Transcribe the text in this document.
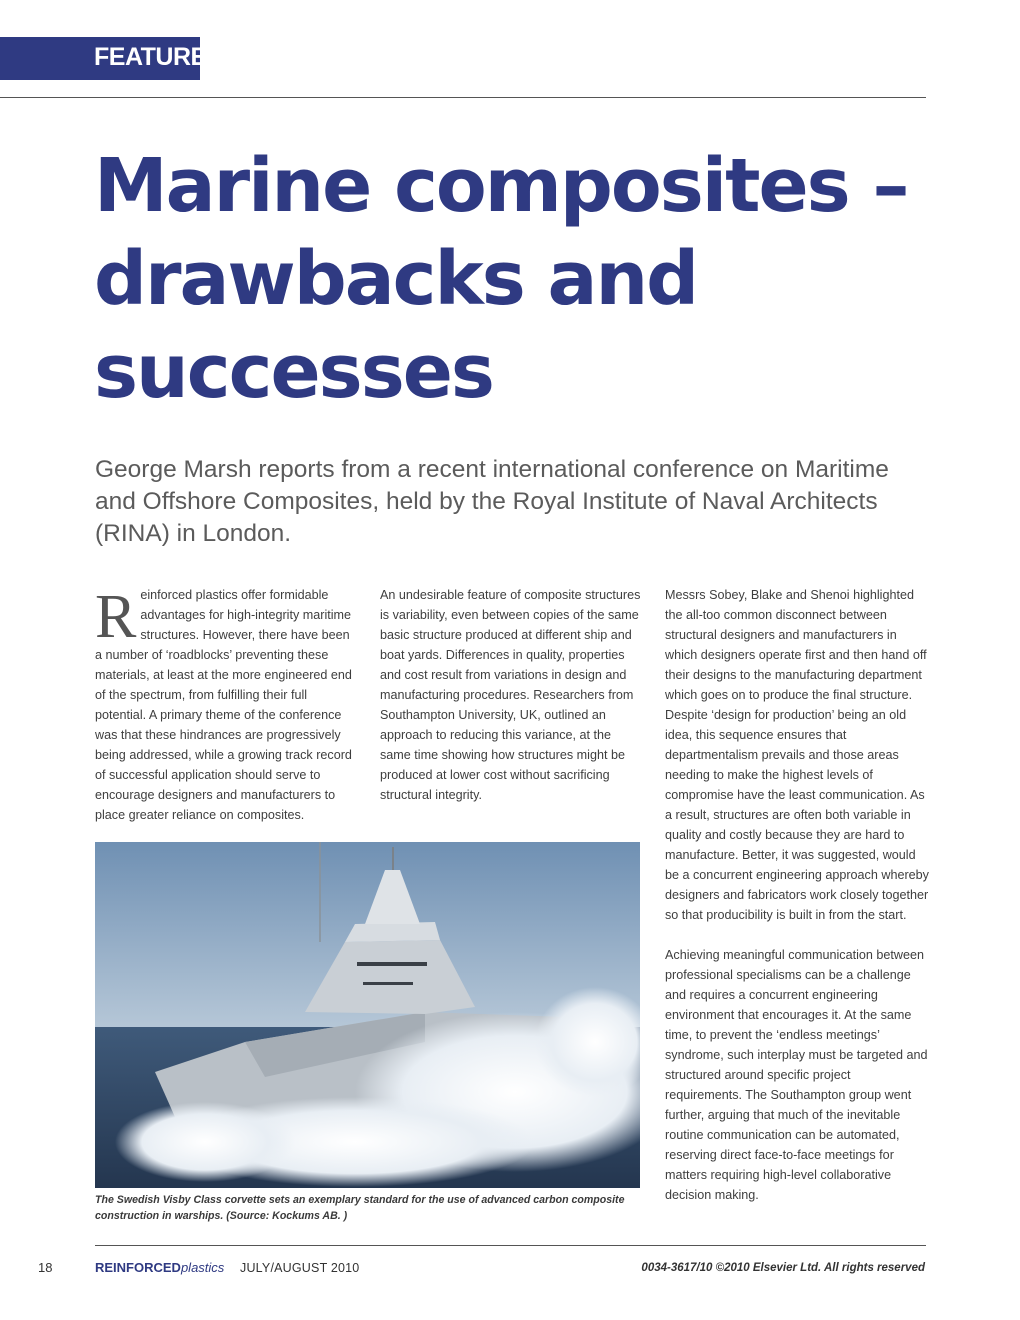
FEATURE
Marine composites –
drawbacks and
successes
George Marsh reports from a recent international conference on Maritime and Offshore Composites, held by the Royal Institute of Naval Architects (RINA) in London.
R einforced plastics offer formidable advantages for high-integrity maritime structures. However, there have been a number of ‘roadblocks’ preventing these materials, at least at the more engineered end of the spectrum, from fulfilling their full potential. A primary theme of the conference was that these hindrances are progressively being addressed, while a growing track record of successful application should serve to encourage designers and manufacturers to place greater reliance on composites.

An undesirable feature of composite structures is variability, even between copies of the same basic structure produced at different ship and boat yards. Differences in quality, properties and cost result from variations in design and manufacturing procedures. Researchers from Southampton University, UK, outlined an approach to reducing this variance, at the same time showing how structures might be produced at lower cost without sacrificing structural integrity.

Messrs Sobey, Blake and Shenoi highlighted the all-too common disconnect between structural designers and manufacturers in which designers operate first and then hand off their designs to the manufacturing department which goes on to produce the final structure. Despite ‘design for production’ being an old idea, this sequence ensures that departmentalism prevails and those areas needing to make the highest levels of compromise have the least communication. As a result, structures are often both variable in quality and costly because they are hard to manufacture. Better, it was suggested, would be a concurrent engineering approach whereby designers and fabricators work closely together so that producibility is built in from the start.

Achieving meaningful communication between professional specialisms can be a challenge and requires a concurrent engineering environment that encourages it. At the same time, to prevent the ‘endless meetings’ syndrome, such interplay must be targeted and structured around specific project requirements. The Southampton group went further, arguing that much of the inevitable routine communication can be automated, reserving direct face-to-face meetings for matters requiring high-level collaborative decision making.

The Swedish Visby Class corvette sets an exemplary standard for the use of advanced carbon composite construction in warships. (Source: Kockums AB. )
18	REINFORCEDplastics JULY/AUGUST 2010	0034-3617/10 ©2010 Elsevier Ltd. All rights reserved
